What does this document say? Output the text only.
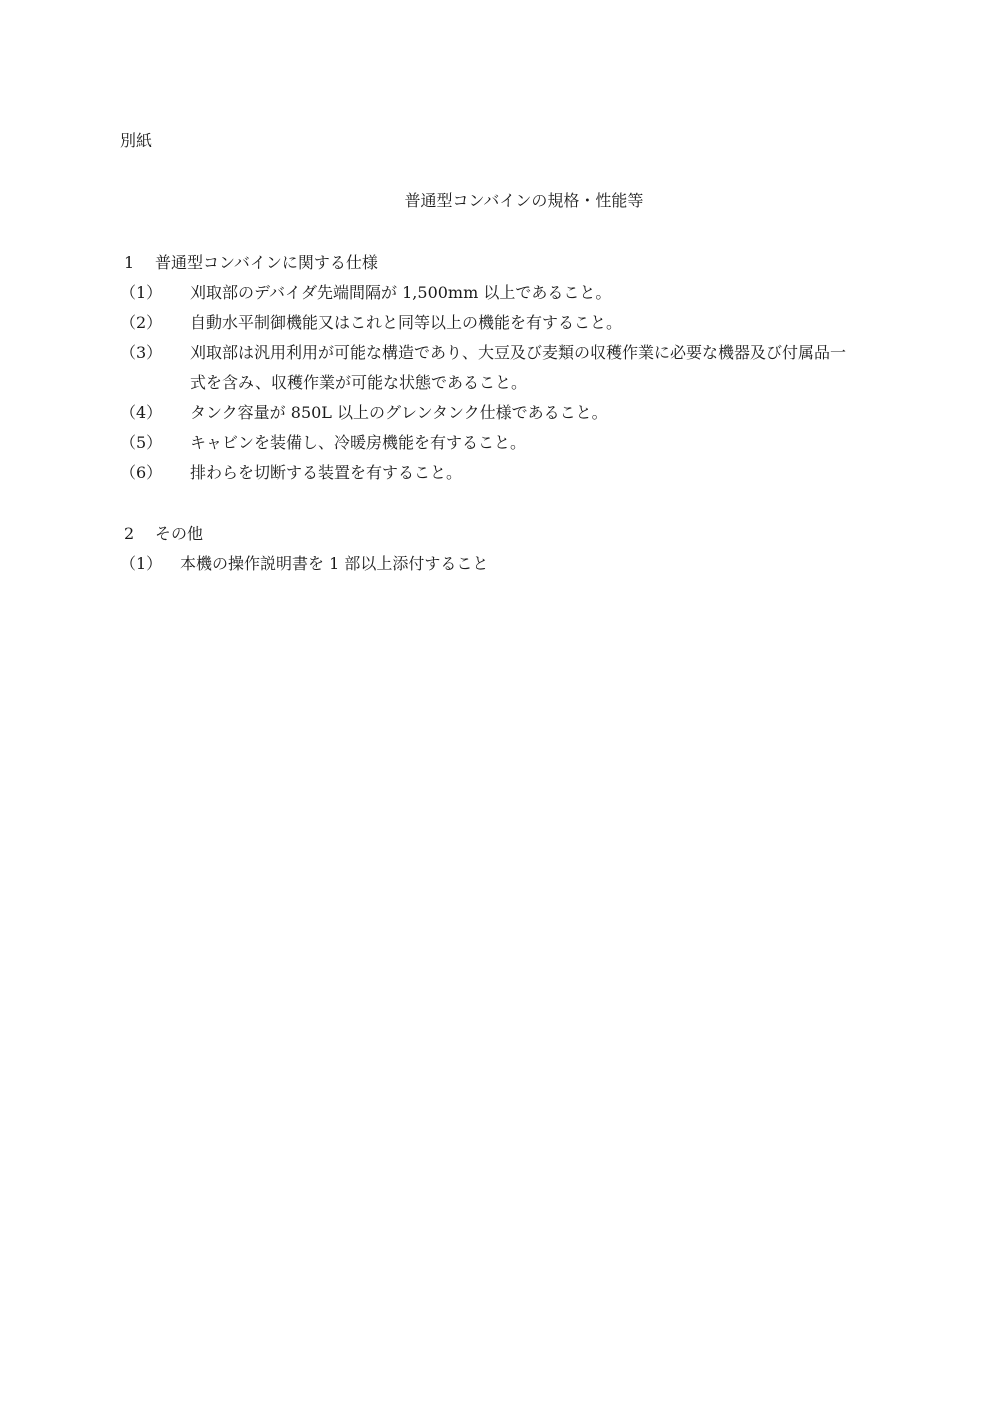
別紙
普通型コンバインの規格・性能等
1	普通型コンバインに関する仕様
（1）	刈取部のデバイダ先端間隔が 1,500mm 以上であること。
（2）	自動水平制御機能又はこれと同等以上の機能を有すること。
（3）	刈取部は汎用利用が可能な構造であり、大豆及び麦類の収穫作業に必要な機器及び付属品一
式を含み、収穫作業が可能な状態であること。
（4）	タンク容量が 850L 以上のグレンタンク仕様であること。
（5）	キャビンを装備し、冷暖房機能を有すること。
（6）	排わらを切断する装置を有すること。
2	その他
（1）	本機の操作説明書を 1 部以上添付すること
